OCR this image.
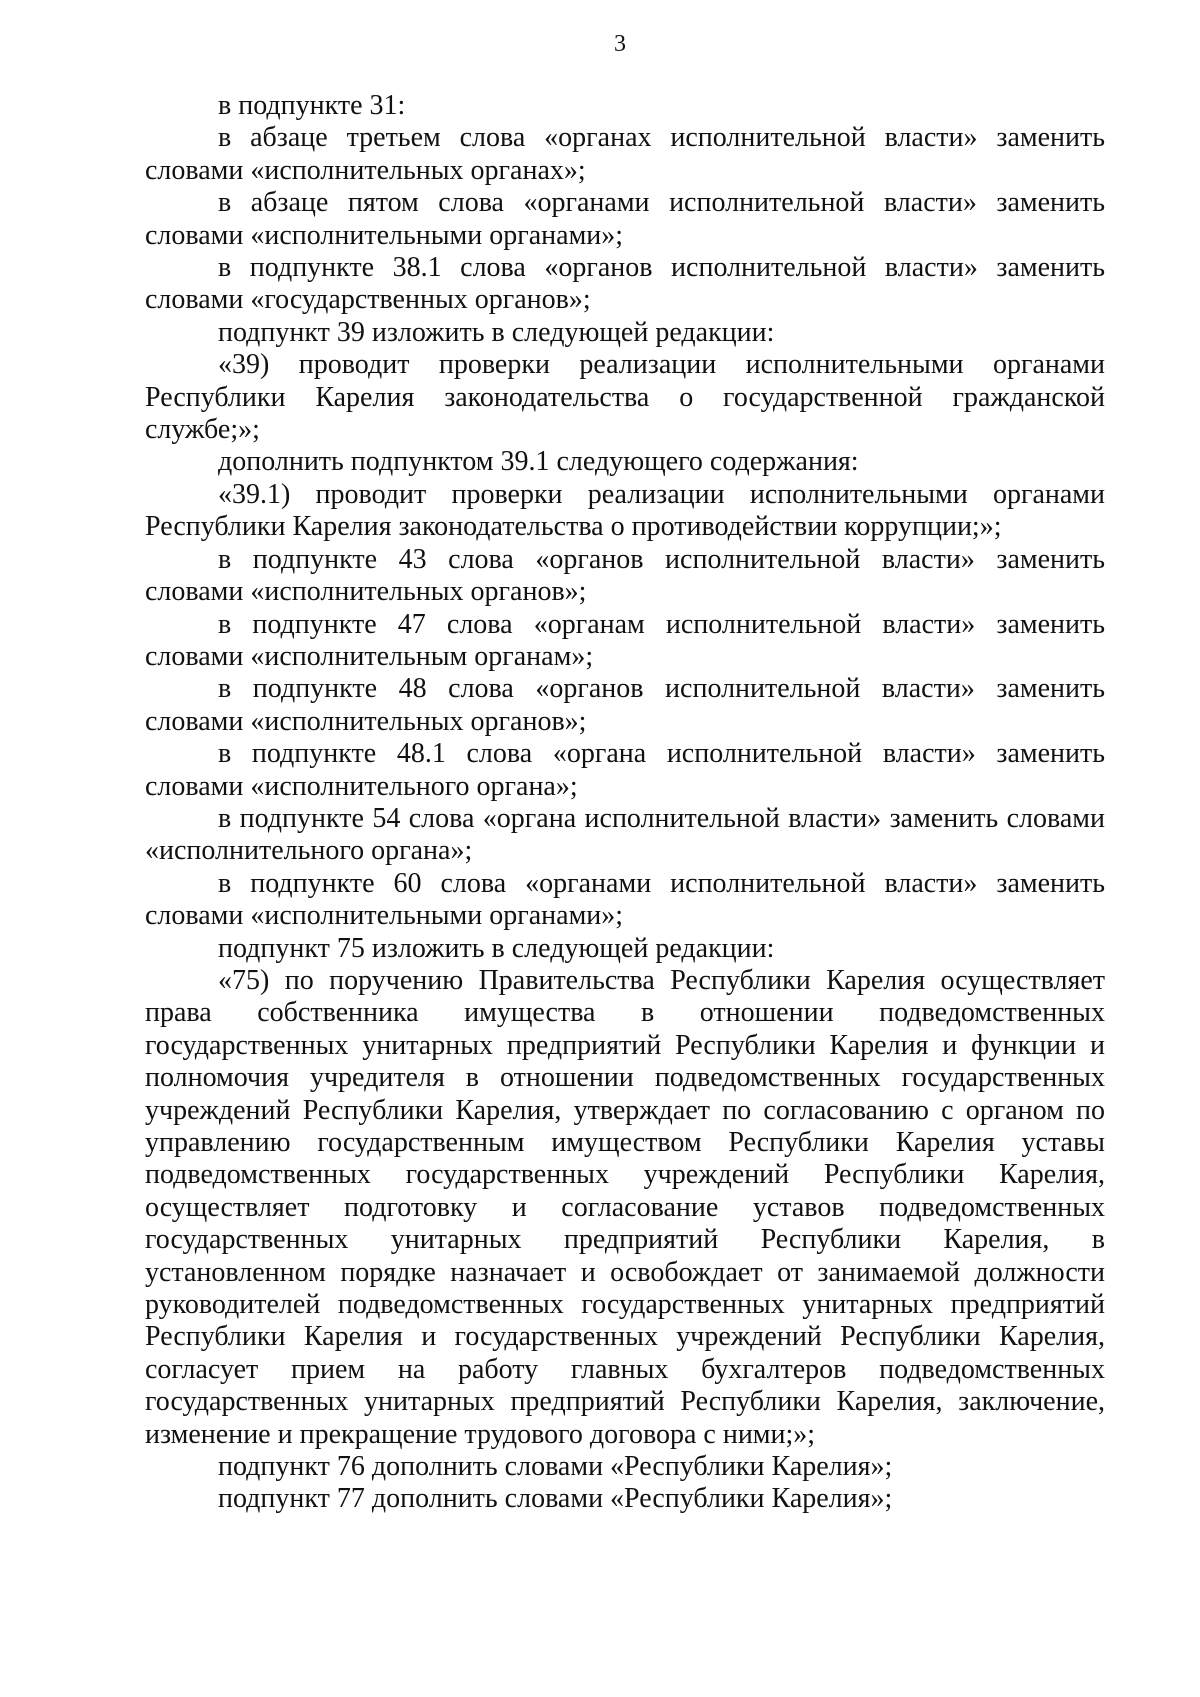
3

в подпункте 31:

в абзаце третьем слова «органах исполнительной власти» заменить словами «исполнительных органах»;

в абзаце пятом слова «органами исполнительной власти» заменить словами «исполнительными органами»;

в подпункте 38.1 слова «органов исполнительной власти» заменить словами «государственных органов»;

подпункт 39 изложить в следующей редакции:

«39) проводит проверки реализации исполнительными органами Республики Карелия законодательства о государственной гражданской службе;»;

дополнить подпунктом 39.1 следующего содержания:

«39.1) проводит проверки реализации исполнительными органами Республики Карелия законодательства о противодействии коррупции;»;

в подпункте 43 слова «органов исполнительной власти» заменить словами «исполнительных органов»;

в подпункте 47 слова «органам исполнительной власти» заменить словами «исполнительным органам»;

в подпункте 48 слова «органов исполнительной власти» заменить словами «исполнительных органов»;

в подпункте 48.1 слова «органа исполнительной власти» заменить словами «исполнительного органа»;

в подпункте 54 слова «органа исполнительной власти» заменить словами «исполнительного органа»;

в подпункте 60 слова «органами исполнительной власти» заменить словами «исполнительными органами»;

подпункт 75 изложить в следующей редакции:

«75) по поручению Правительства Республики Карелия осуществляет права собственника имущества в отношении подведомственных государственных унитарных предприятий Республики Карелия и функции и полномочия учредителя в отношении подведомственных государственных учреждений Республики Карелия, утверждает по согласованию с органом по управлению государственным имуществом Республики Карелия уставы подведомственных государственных учреждений Республики Карелия, осуществляет подготовку и согласование уставов подведомственных государственных унитарных предприятий Республики Карелия, в установленном порядке назначает и освобождает от занимаемой должности руководителей подведомственных государственных унитарных предприятий Республики Карелия и государственных учреждений Республики Карелия, согласует прием на работу главных бухгалтеров подведомственных государственных унитарных предприятий Республики Карелия, заключение, изменение и прекращение трудового договора с ними;»;

подпункт 76 дополнить словами «Республики Карелия»;

подпункт 77 дополнить словами «Республики Карелия»;
